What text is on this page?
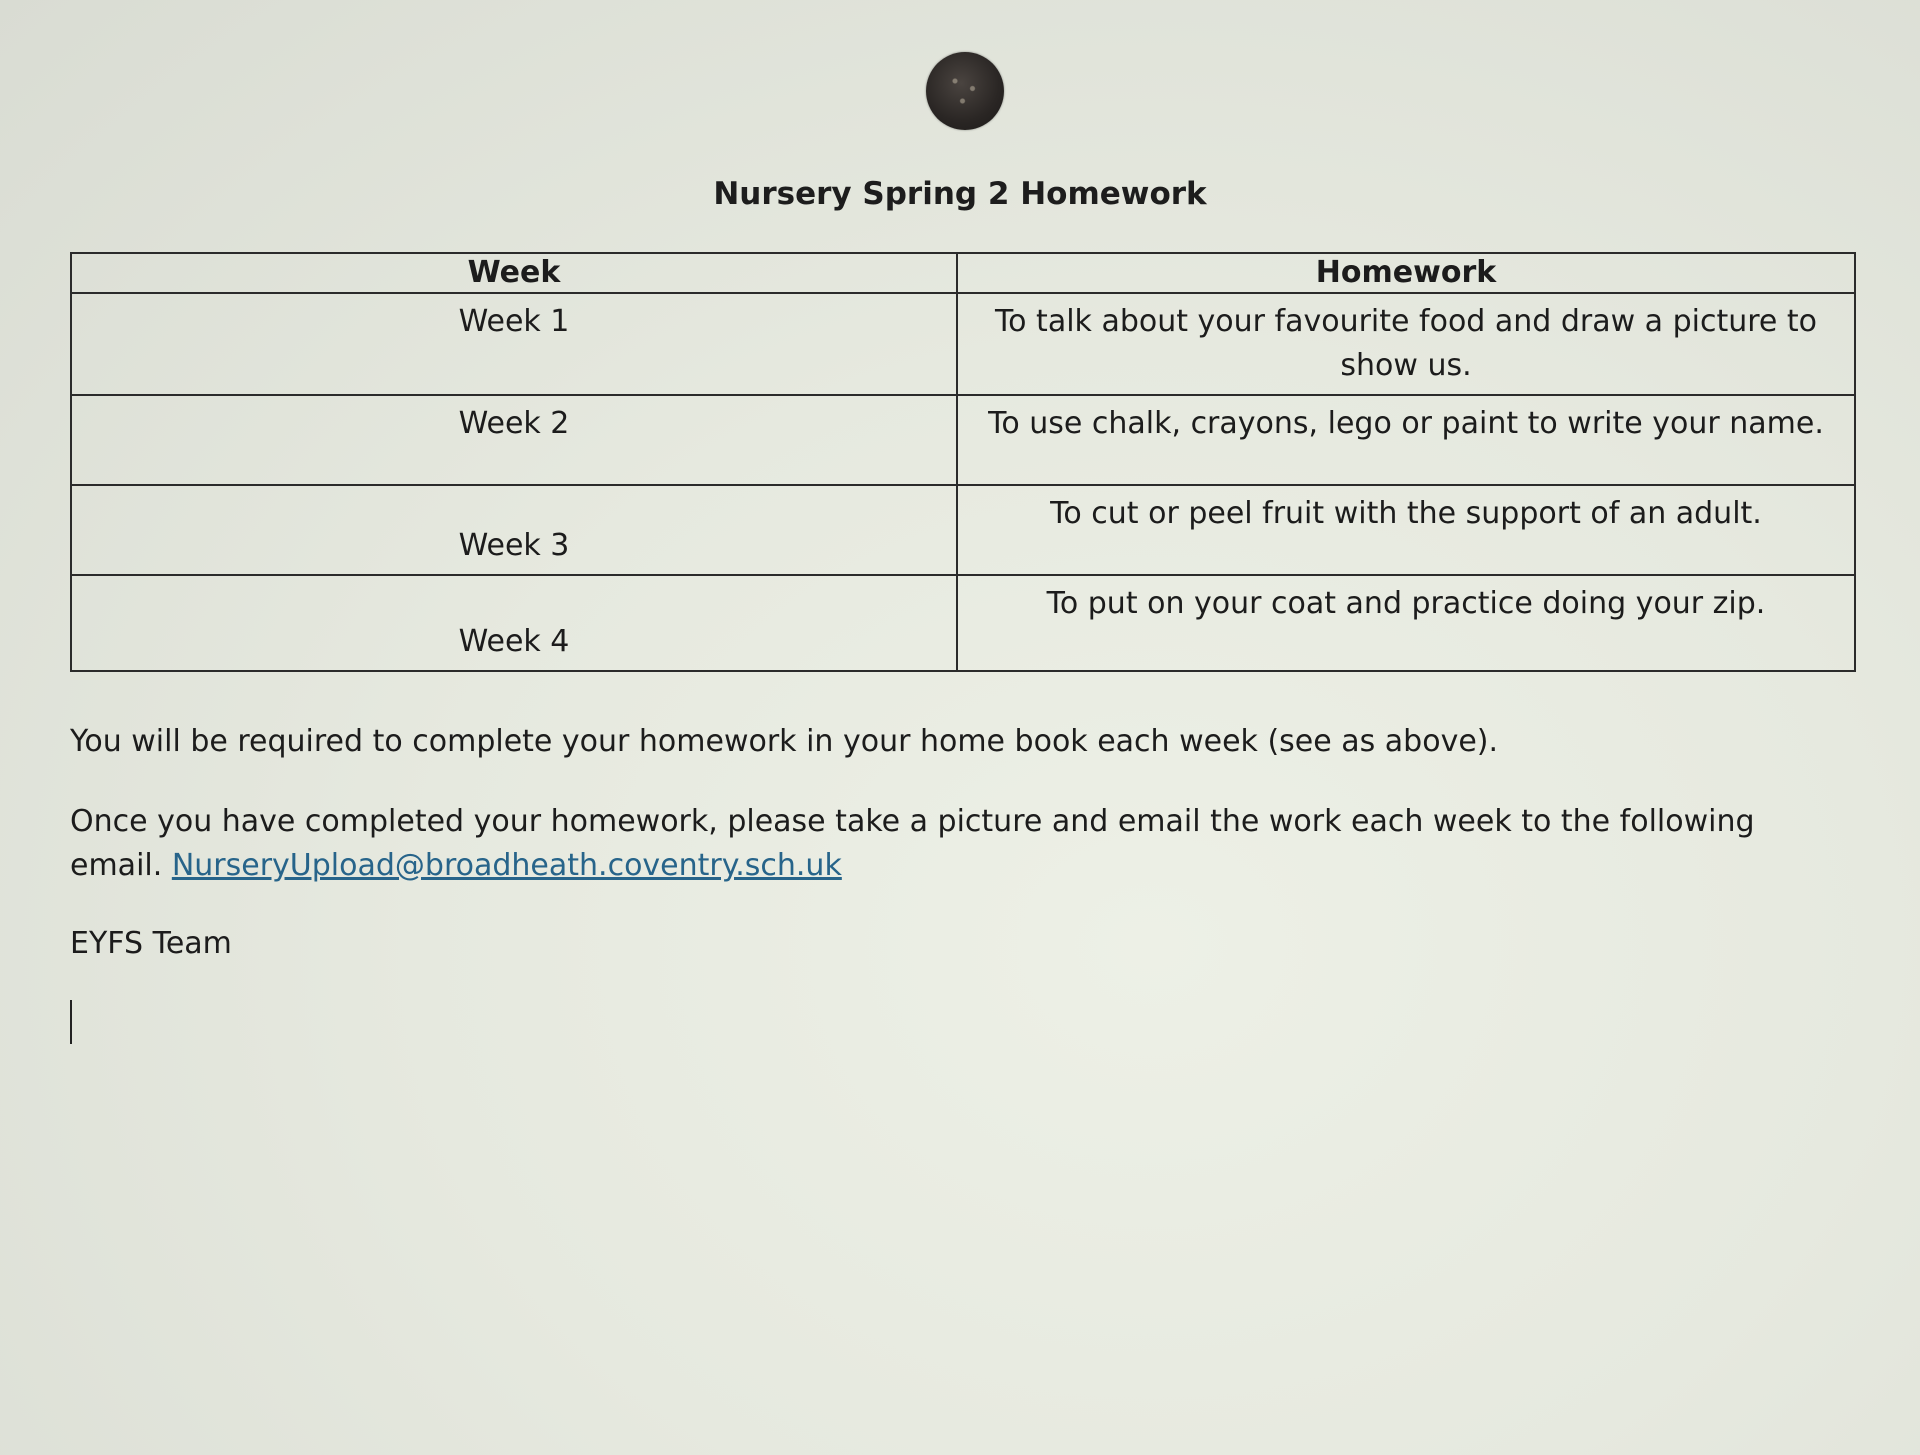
Nursery Spring 2 Homework
Week	Homework
Week 1	To talk about your favourite food and draw a picture to show us.
Week 2	To use chalk, crayons, lego or paint to write your name.
Week 3	To cut or peel fruit with the support of an adult.
Week 4	To put on your coat and practice doing your zip.
You will be required to complete your homework in your home book each week (see as above).
Once you have completed your homework, please take a picture and email the work each week to the following email. NurseryUpload@broadheath.coventry.sch.uk
EYFS Team
